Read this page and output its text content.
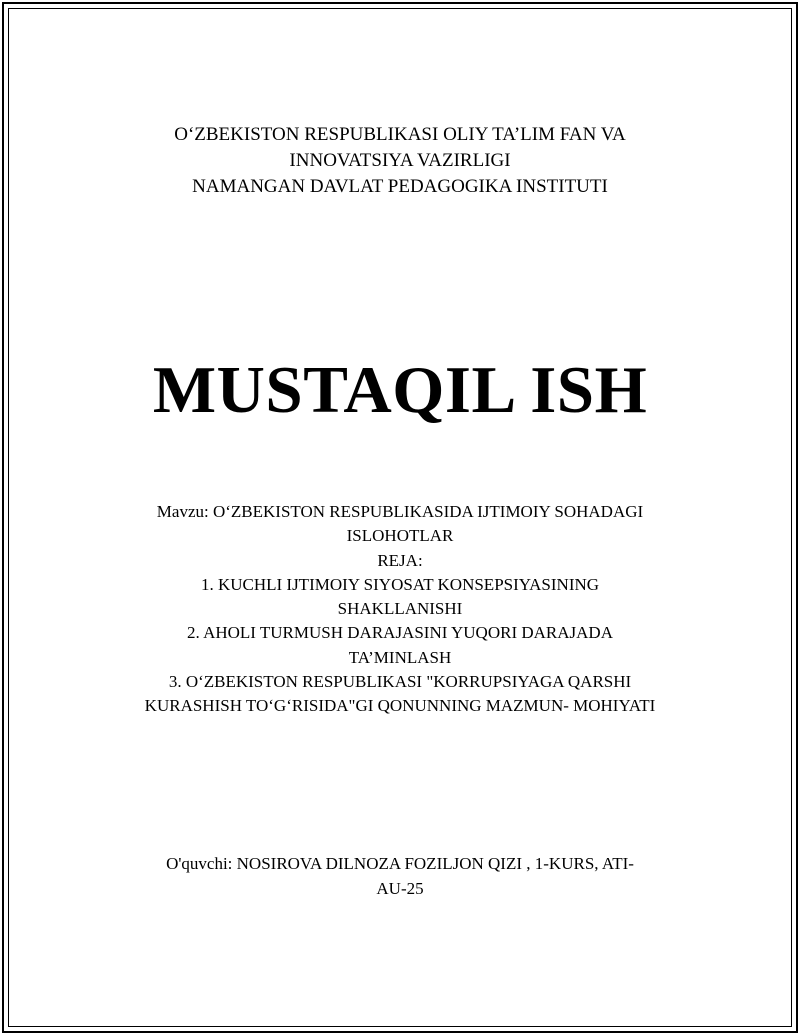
O‘ZBEKISTON RESPUBLIKASI OLIY TA’LIM FAN VA
INNOVATSIYA VAZIRLIGI
NAMANGAN DAVLAT PEDAGOGIKA INSTITUTI
MUSTAQIL ISH
Mavzu: O‘ZBEKISTON RESPUBLIKASIDA IJTIMOIY SOHADAGI
ISLOHOTLAR
REJA:
1. KUCHLI IJTIMOIY SIYOSAT KONSEPSIYASINING
SHAKLLANISHI
2. AHOLI TURMUSH DARAJASINI YUQORI DARAJADA
TA’MINLASH
3. O‘ZBEKISTON RESPUBLIKASI "KORRUPSIYAGA QARSHI
KURASHISH TO‘G‘RISIDA"GI QONUNNING MAZMUN- MOHIYATI
O'quvchi: NOSIROVA DILNOZA FOZILJON QIZI , 1-KURS, ATI-
AU-25
